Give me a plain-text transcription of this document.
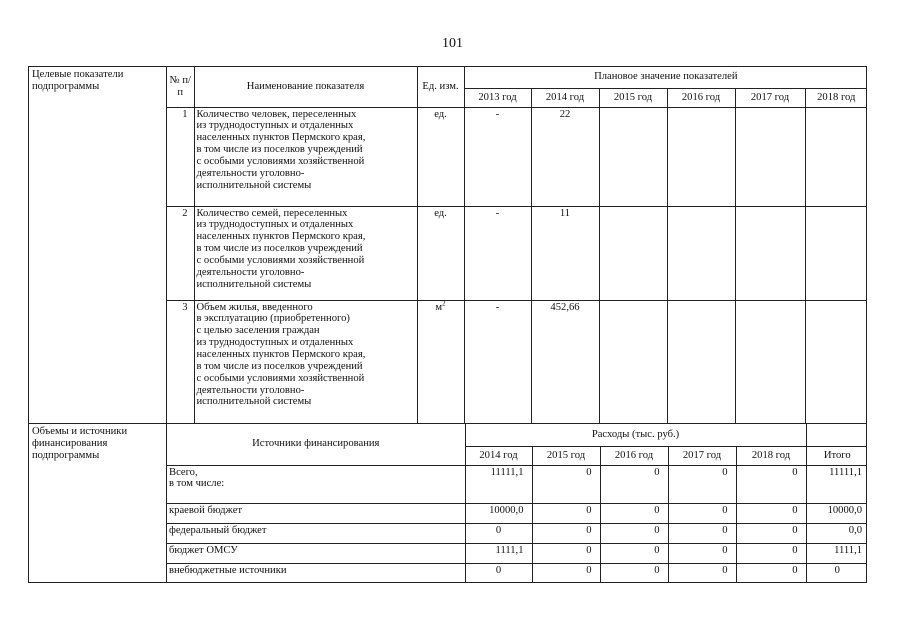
101
Целевые показатели подпрограммы	
№ п/п	Наименование показателя	Ед. изм.	Плановое значение показателей
2013 год	2014 год	2015 год	2016 год	2017 год	2018 год
1	Количество человек, переселенных
из труднодоступных и отдаленных
населенных пунктов Пермского края,
в том числе из поселков учреждений
с особыми условиями хозяйственной
деятельности уголовно-
исполнительной системы	ед.	-	22				
2	Количество семей, переселенных
из труднодоступных и отдаленных
населенных пунктов Пермского края,
в том числе из поселков учреждений
с особыми условиями хозяйственной
деятельности уголовно-
исполнительной системы	ед.	-	11				
3	Объем жилья, введенного
в эксплуатацию (приобретенного)
с целью заселения граждан
из труднодоступных и отдаленных
населенных пунктов Пермского края,
в том числе из поселков учреждений
с особыми условиями хозяйственной
деятельности уголовно-
исполнительной системы	$м^2$	-	452,66				

Объемы и источники финансирования подпрограммы	
Источники финансирования	Расходы (тыс. руб.)	
2014 год	2015 год	2016 год	2017 год	2018 год	Итого
Всего,
в том числе:	11111,1	0	0	0	0	11111,1
краевой бюджет	10000,0	0	0	0	0	10000,0
федеральный бюджет	0	0	0	0	0	0,0
бюджет ОМСУ	1111,1	0	0	0	0	1111,1
внебюджетные источники	0	0	0	0	0	0
